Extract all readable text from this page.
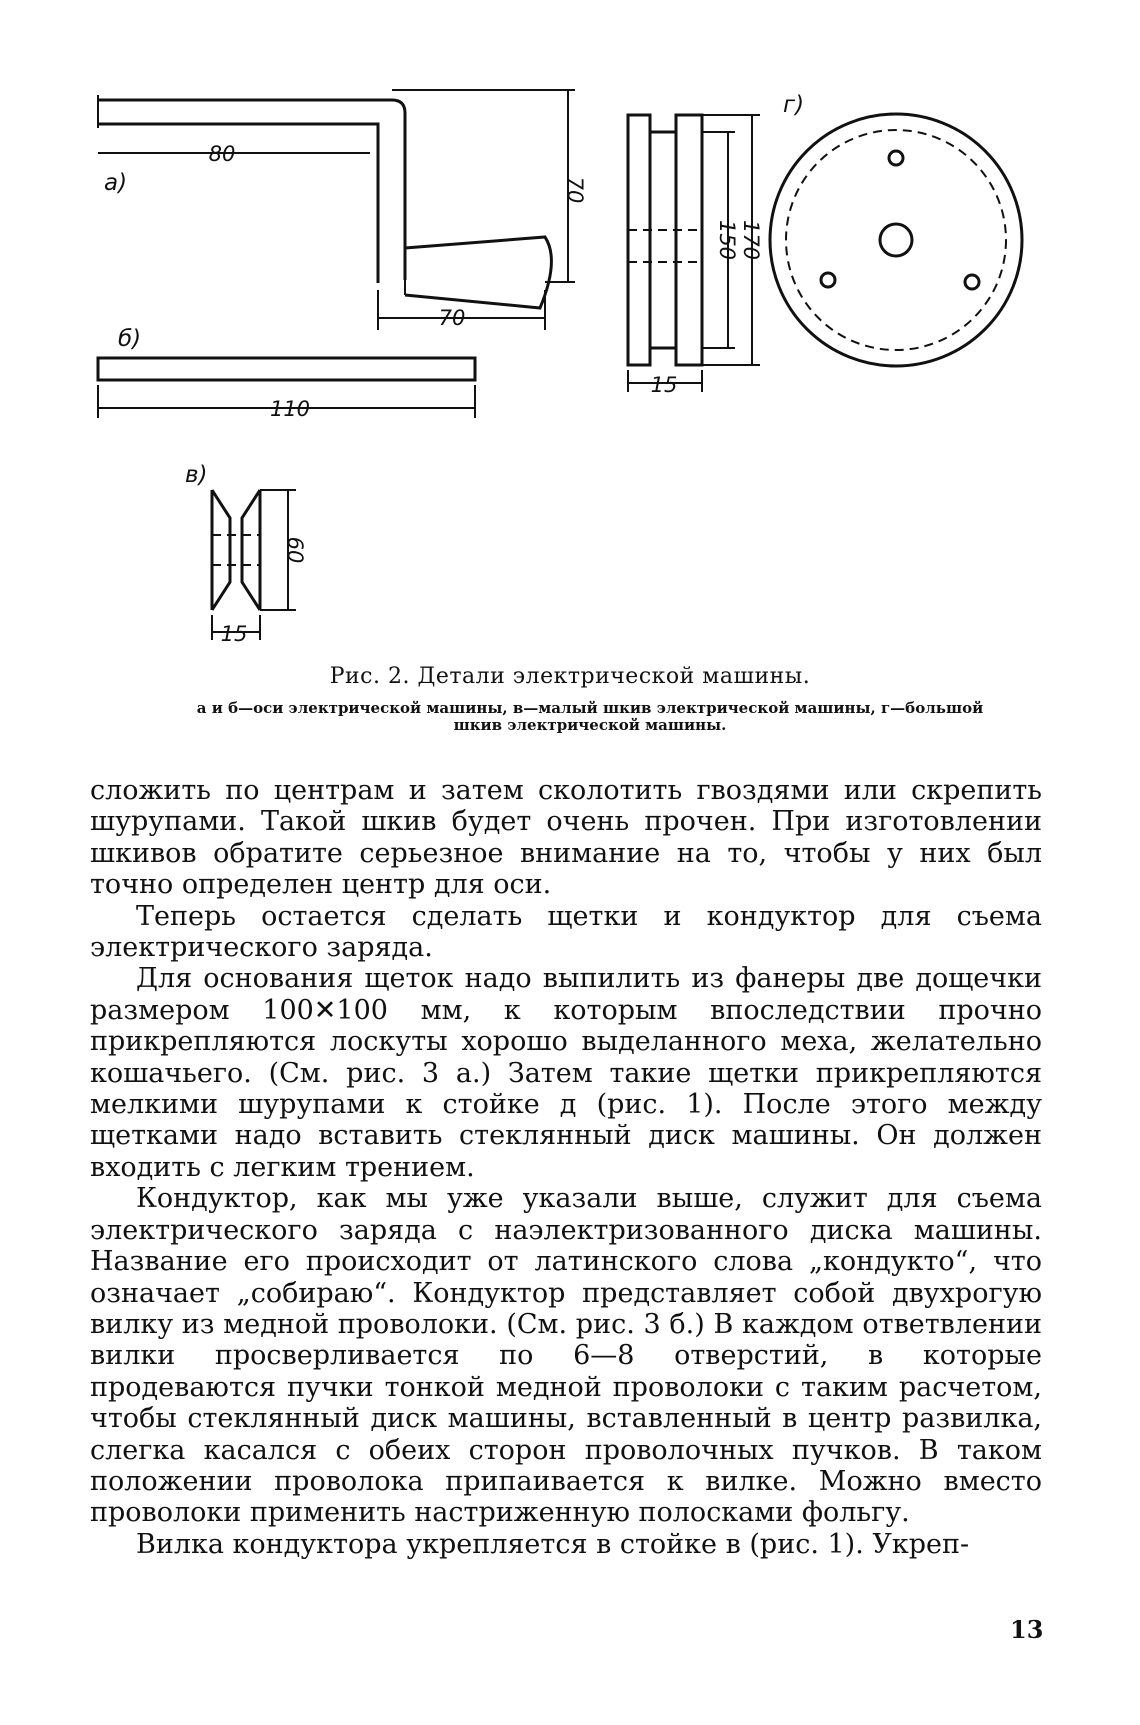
а)
80
70
70
б)
110
в)
60
15
г)
150 170
15
Рис. 2. Детали электрической машины.
а и б—оси электрической машины, в—малый шкив электрической машины, г—большой шкив электрической машины.

сложить по центрам и затем сколотить гвоздями или скрепить шурупами. Такой шкив будет очень прочен. При изготовлении шкивов обратите серьезное внимание на то, чтобы у них был точно определен центр для оси.

Теперь остается сделать щетки и кондуктор для съема электрического заряда.

Для основания щеток надо выпилить из фанеры две дощечки размером 100✕100 мм, к которым впоследствии прочно прикрепляются лоскуты хорошо выделанного меха, желательно кошачьего. (См. рис. 3 а.) Затем такие щетки прикрепляются мелкими шурупами к стойке д (рис. 1). После этого между щетками надо вставить стеклянный диск машины. Он должен входить с легким трением.

Кондуктор, как мы уже указали выше, служит для съема электрического заряда с наэлектризованного диска машины. Название его происходит от латинского слова „кондукто“, что означает „собираю“. Кондуктор представляет собой двухрогую вилку из медной проволоки. (См. рис. 3 б.) В каждом ответвлении вилки просверливается по 6—8 отверстий, в которые продеваются пучки тонкой медной проволоки с таким расчетом, чтобы стеклянный диск машины, вставленный в центр развилка, слегка касался с обеих сторон проволочных пучков. В таком положении проволока припаивается к вилке. Можно вместо проволоки применить настриженную полосками фольгу.

Вилка кондуктора укрепляется в стойке в (рис. 1). Укреп-

13
